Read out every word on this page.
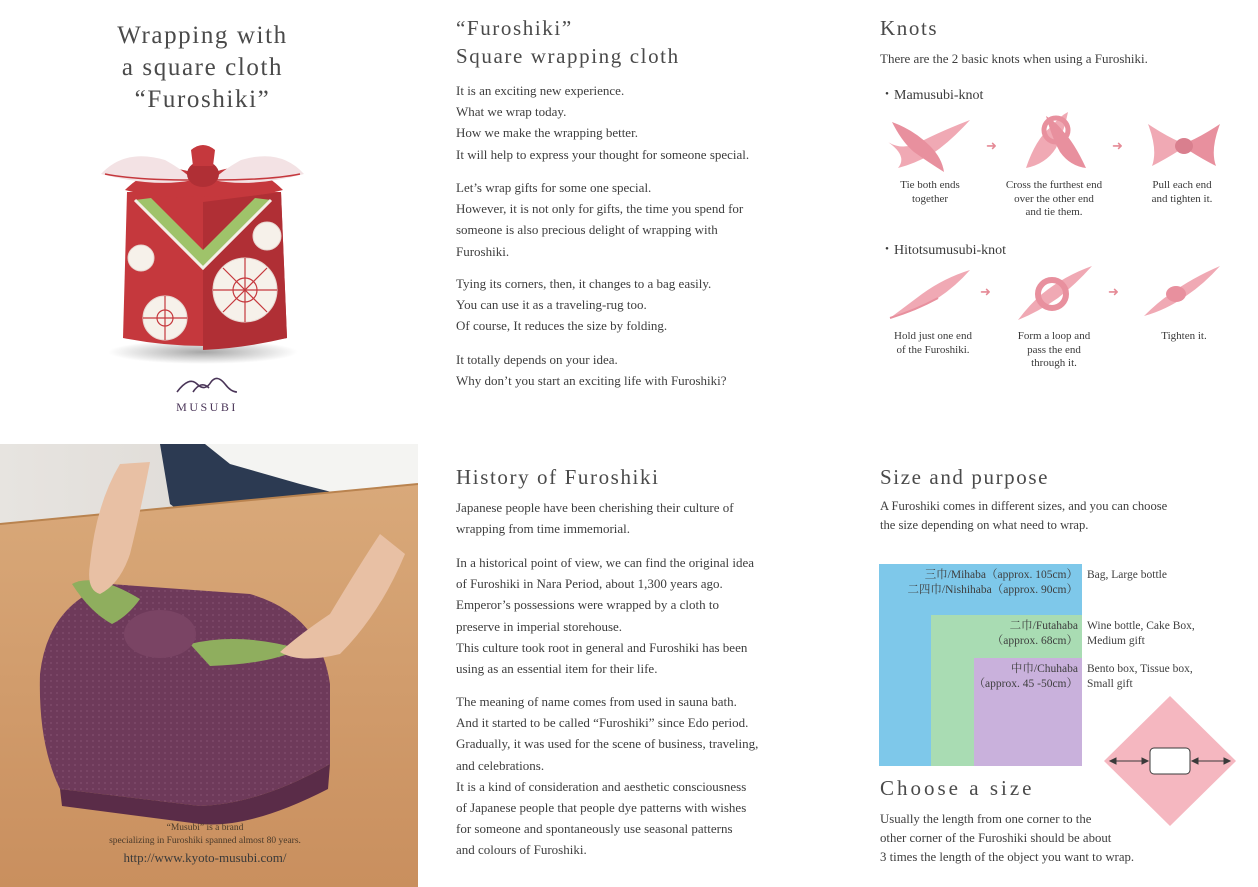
Wrapping with
a square cloth
“Furoshiki”
MUSUBI
“Musubi” is a brand
specializing in Furoshiki spanned almost 80 years.
http://www.kyoto-musubi.com/
“Furoshiki”
Square wrapping cloth
It is an exciting new experience.
What we wrap today.
How we make the wrapping better.
It will help to express your thought for someone special.
Let’s wrap gifts for some one special.
However, it is not only for gifts, the time you spend for
someone is also precious delight of wrapping with
Furoshiki.
Tying its corners, then, it changes to a bag easily.
You can use it as a traveling-rug too.
Of course, It reduces the size by folding.
It totally depends on your idea.
Why don’t you start an exciting life with Furoshiki?
History of Furoshiki
Japanese people have been cherishing their culture of
wrapping from time immemorial.
In a historical point of view, we can find the original idea
of Furoshiki in Nara Period, about 1,300 years ago.
Emperor’s possessions were wrapped by a cloth to
preserve in imperial storehouse.
This culture took root in general and Furoshiki has been
using as an essential item for their life.
The meaning of name comes from used in sauna bath.
And it started to be called “Furoshiki” since Edo period.
Gradually, it was used for the scene of business, traveling,
and celebrations.
It is a kind of consideration and aesthetic consciousness
of Japanese people that people dye patterns with wishes
for someone and spontaneously use seasonal patterns
and colours of Furoshiki.
Knots
There are the 2 basic knots when using a Furoshiki.
・Mamusubi-knot
➜	➜
Tie both ends
together
Cross the furthest end
over the other end
and tie them.
Pull each end
and tighten it.
・Hitotsumusubi-knot
➜	➜
Hold just one end
of the Furoshiki.
Form a loop and
pass the end
through it.
Tighten it.
Size and purpose
A Furoshiki comes in different sizes, and you can choose
the size depending on what need to wrap.
三巾/Mihaba（approx. 105cm）
二四巾/Nishihaba（approx. 90cm）
Bag, Large bottle
二巾/Futahaba
（approx. 68cm）
Wine bottle, Cake Box,
Medium gift
中巾/Chuhaba
（approx. 45 -50cm）
Bento box, Tissue box,
Small gift
Choose a size
Usually the length from one corner to the
other corner of the Furoshiki should be about
3 times the length of the object you want to wrap.
